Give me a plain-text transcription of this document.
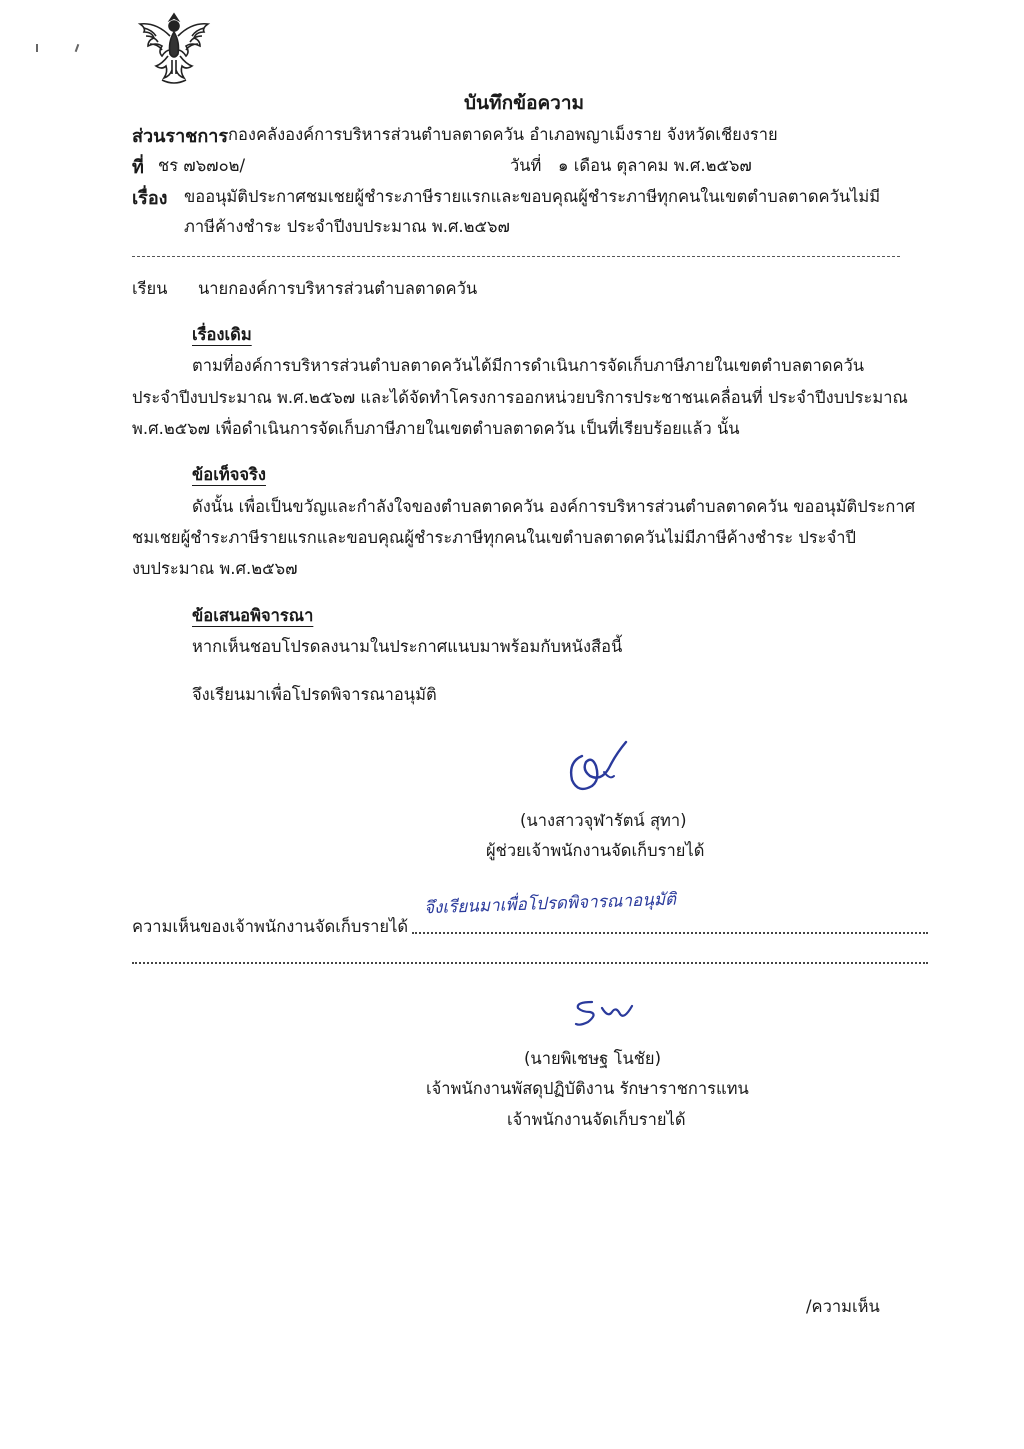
บันทึกข้อความ
ส่วนราชการ กองคลังองค์การบริหารส่วนตำบลตาดควัน อำเภอพญาเม็งราย จังหวัดเชียงราย
ที่ ชร ๗๖๗๐๒/	วันที่ ๑ เดือน ตุลาคม พ.ศ.๒๕๖๗
เรื่อง ขออนุมัติประกาศชมเชยผู้ชำระภาษีรายแรกและขอบคุณผู้ชำระภาษีทุกคนในเขตตำบลตาดควันไม่มี
ภาษีค้างชำระ ประจำปีงบประมาณ พ.ศ.๒๕๖๗
เรียน นายกองค์การบริหารส่วนตำบลตาดควัน
เรื่องเดิม
ตามที่องค์การบริหารส่วนตำบลตาดควันได้มีการดำเนินการจัดเก็บภาษีภายในเขตตำบลตาดควัน
ประจำปีงบประมาณ พ.ศ.๒๕๖๗ และได้จัดทำโครงการออกหน่วยบริการประชาชนเคลื่อนที่ ประจำปีงบประมาณ
พ.ศ.๒๕๖๗ เพื่อดำเนินการจัดเก็บภาษีภายในเขตตำบลตาดควัน เป็นที่เรียบร้อยแล้ว นั้น
ข้อเท็จจริง
ดังนั้น เพื่อเป็นขวัญและกำลังใจของตำบลตาดควัน องค์การบริหารส่วนตำบลตาดควัน ขออนุมัติประกาศ
ชมเชยผู้ชำระภาษีรายแรกและขอบคุณผู้ชำระภาษีทุกคนในเขตำบลตาดควันไม่มีภาษีค้างชำระ ประจำปี
งบประมาณ พ.ศ.๒๕๖๗
ข้อเสนอพิจารณา
หากเห็นชอบโปรดลงนามในประกาศแนบมาพร้อมกับหนังสือนี้
จึงเรียนมาเพื่อโปรดพิจารณาอนุมัติ
(นางสาวจุฬารัตน์ สุทา)
ผู้ช่วยเจ้าพนักงานจัดเก็บรายได้
ความเห็นของเจ้าพนักงานจัดเก็บรายได้
จึงเรียนมาเพื่อโปรดพิจารณาอนุมัติ
(นายพิเชษฐ โนชัย)
เจ้าพนักงานพัสดุปฏิบัติงาน รักษาราชการแทน
เจ้าพนักงานจัดเก็บรายได้
/ความเห็น
